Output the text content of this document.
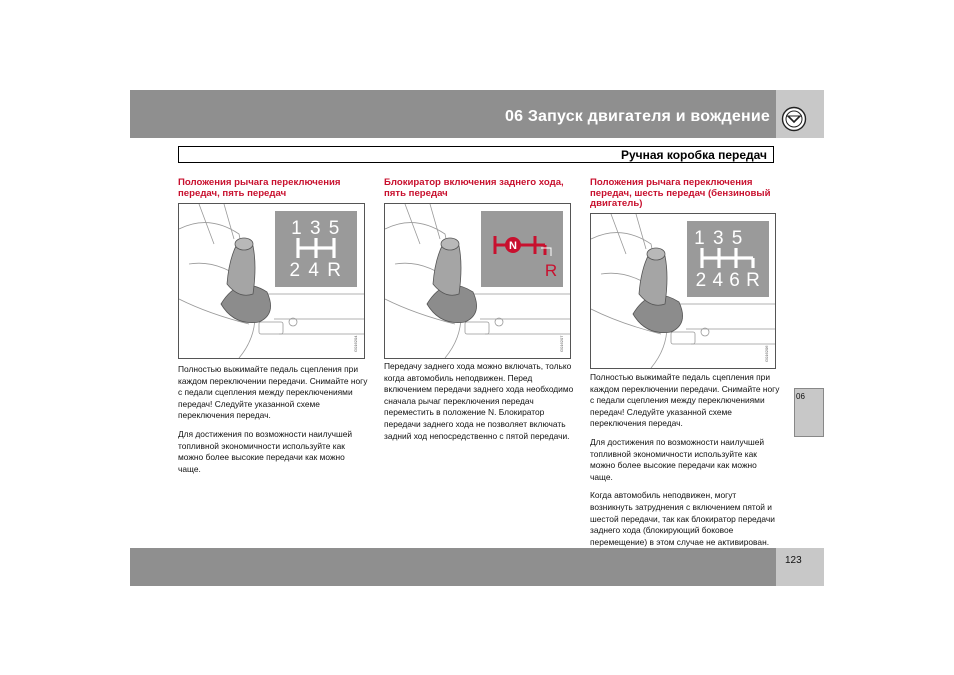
06 Запуск двигателя и вождение
Ручная коробка передач
Положения рычага переключения передач, пять передач
1 3 5
2 4 R
G016204

Полностью выжимайте педаль сцепления при каждом переключении передачи. Снимайте ногу с педали сцепления между переключениями передач! Следуйте указанной схеме переключения передач.

Для достижения по возможности наилучшей топливной экономичности используйте как можно более высокие передачи как можно чаще.

Блокиратор включения заднего хода, пять передач
N
R
G016207

Передачу заднего хода можно включать, только когда автомобиль неподвижен. Перед включением передачи заднего хода необходимо сначала рычаг переключения передач переместить в положение N. Блокиратор передачи заднего хода не позволяет включать задний ход непосредственно с пятой передачи.

Положения рычага переключения передач, шесть передач (бензиновый двигатель)
1 3 5
2 4 6 R
G016206

Полностью выжимайте педаль сцепления при каждом переключении передачи. Снимайте ногу с педали сцепления между переключениями передач! Следуйте указанной схеме переключения передач.

Для достижения по возможности наилучшей топливной экономичности используйте как можно более высокие передачи как можно чаще.

Когда автомобиль неподвижен, могут возникнуть затруднения с включением пятой и шестой передачи, так как блокиратор передачи заднего хода (блокирующий боковое перемещение) в этом случае не активирован.

06
123
